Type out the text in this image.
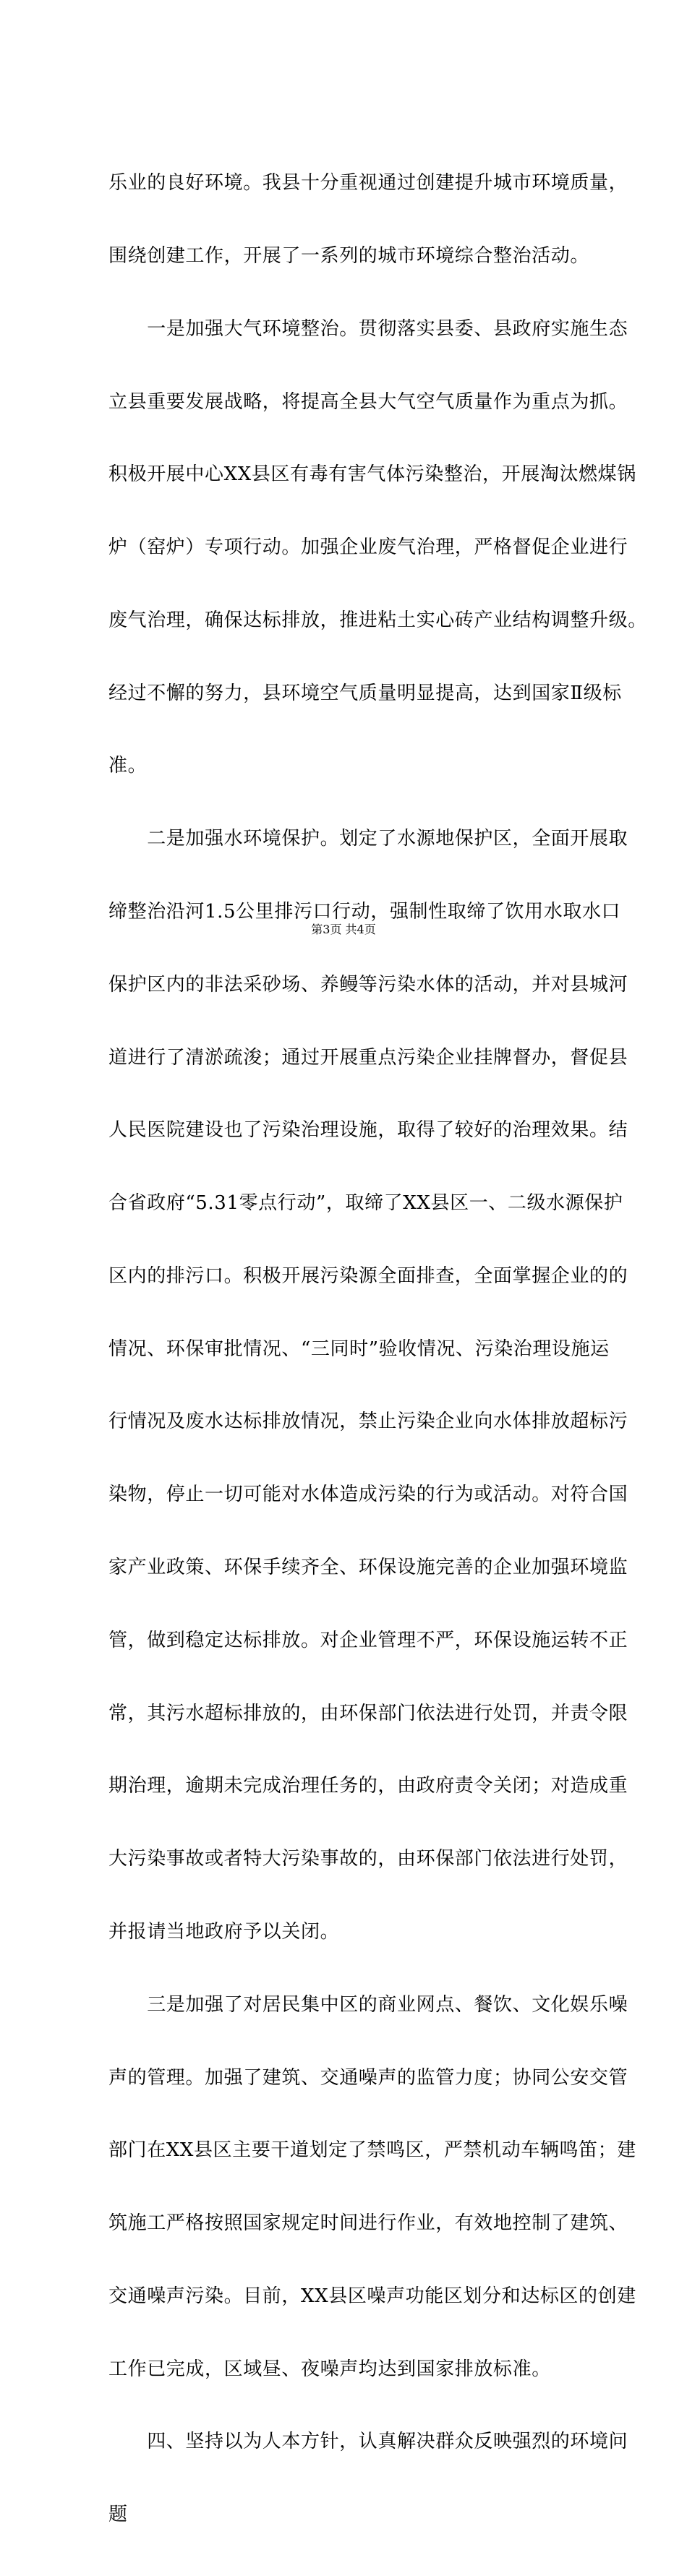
乐业的良好环境。我县十分重视通过创建提升城市环境质量，

围绕创建工作，开展了一系列的城市环境综合整治活动。

　　一是加强大气环境整治。贯彻落实县委、县政府实施生态

立县重要发展战略，将提高全县大气空气质量作为重点为抓。

积极开展中心XX县区有毒有害气体污染整治，开展淘汰燃煤锅

炉（窑炉）专项行动。加强企业废气治理，严格督促企业进行

废气治理，确保达标排放，推进粘土实心砖产业结构调整升级。

经过不懈的努力，县环境空气质量明显提高，达到国家Ⅱ级标

准。

　　二是加强水环境保护。划定了水源地保护区，全面开展取

缔整治沿河1.5公里排污口行动，强制性取缔了饮用水取水口

保护区内的非法采砂场、养鳗等污染水体的活动，并对县城河

道进行了清淤疏浚；通过开展重点污染企业挂牌督办，督促县

人民医院建设也了污染治理设施，取得了较好的治理效果。结

合省政府“5.31零点行动”，取缔了XX县区一、二级水源保护

区内的排污口。积极开展污染源全面排查，全面掌握企业的的

情况、环保审批情况、“三同时”验收情况、污染治理设施运

行情况及废水达标排放情况，禁止污染企业向水体排放超标污

染物，停止一切可能对水体造成污染的行为或活动。对符合国

家产业政策、环保手续齐全、环保设施完善的企业加强环境监

管，做到稳定达标排放。对企业管理不严，环保设施运转不正

常，其污水超标排放的，由环保部门依法进行处罚，并责令限

期治理，逾期未完成治理任务的，由政府责令关闭；对造成重

大污染事故或者特大污染事故的，由环保部门依法进行处罚，

并报请当地政府予以关闭。

　　三是加强了对居民集中区的商业网点、餐饮、文化娱乐噪

声的管理。加强了建筑、交通噪声的监管力度；协同公安交管

部门在XX县区主要干道划定了禁鸣区，严禁机动车辆鸣笛；建

筑施工严格按照国家规定时间进行作业，有效地控制了建筑、

交通噪声污染。目前，XX县区噪声功能区划分和达标区的创建

工作已完成，区域昼、夜噪声均达到国家排放标准。

　　四、坚持以为人本方针，认真解决群众反映强烈的环境问

题

第3页 共4页
